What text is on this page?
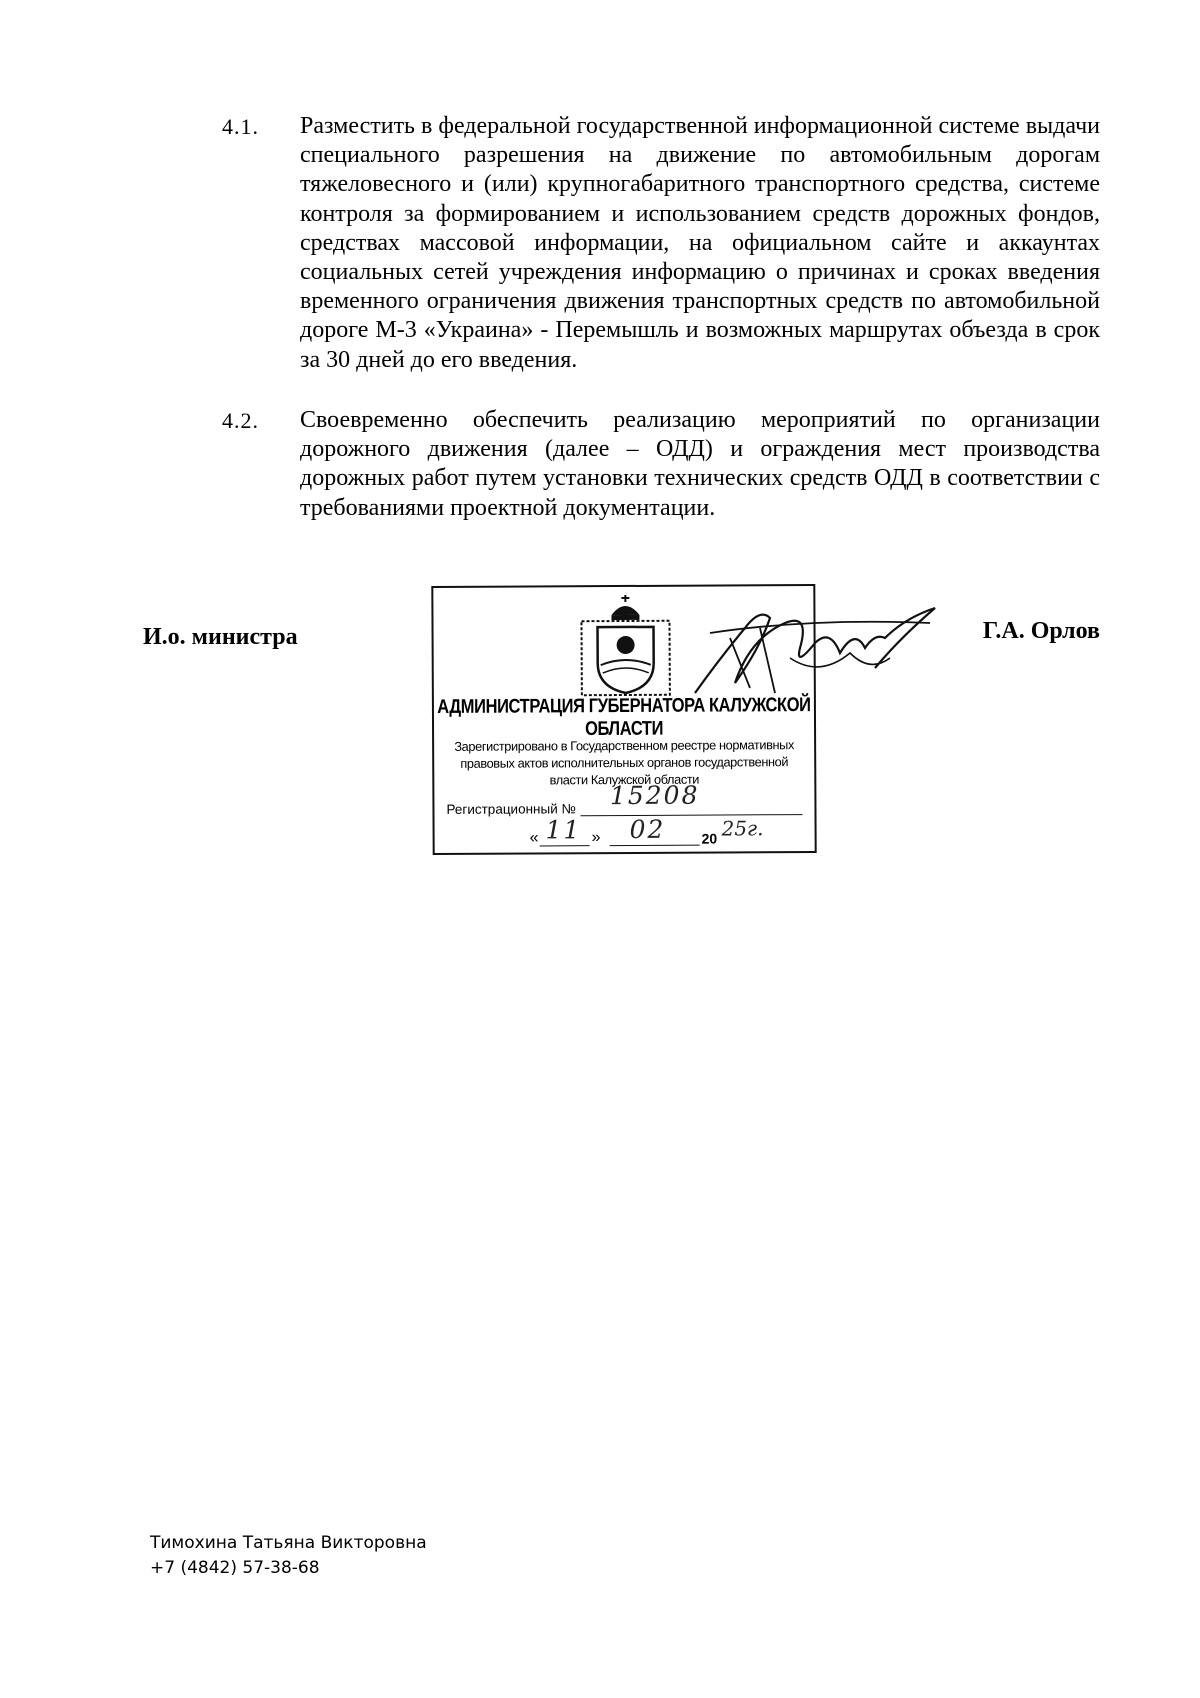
4.1. Разместить в федеральной государственной информационной системе выдачи специального разрешения на движение по автомобильным дорогам тяжеловесного и (или) крупногабаритного транспортного средства, системе контроля за формированием и использованием средств дорожных фондов, средствах массовой информации, на официальном сайте и аккаунтах социальных сетей учреждения информацию о причинах и сроках введения временного ограничения движения транспортных средств по автомобильной дороге М-3 «Украина» - Перемышль и возможных маршрутах объезда в срок за 30 дней до его введения.
4.2. Своевременно обеспечить реализацию мероприятий по организации дорожного движения (далее – ОДД) и ограждения мест производства дорожных работ путем установки технических средств ОДД в соответствии с требованиями проектной документации.
И.о. министра	Г.А. Орлов
АДМИНИСТРАЦИЯ ГУБЕРНАТОРА КАЛУЖСКОЙ ОБЛАСТИ
Зарегистрировано в Государственном реестре нормативных правовых актов исполнительных органов государственной власти Калужской области
Регистрационный № 15208
« 11 » 02	20 25г.
Тимохина Татьяна Викторовна
+7 (4842) 57-38-68
